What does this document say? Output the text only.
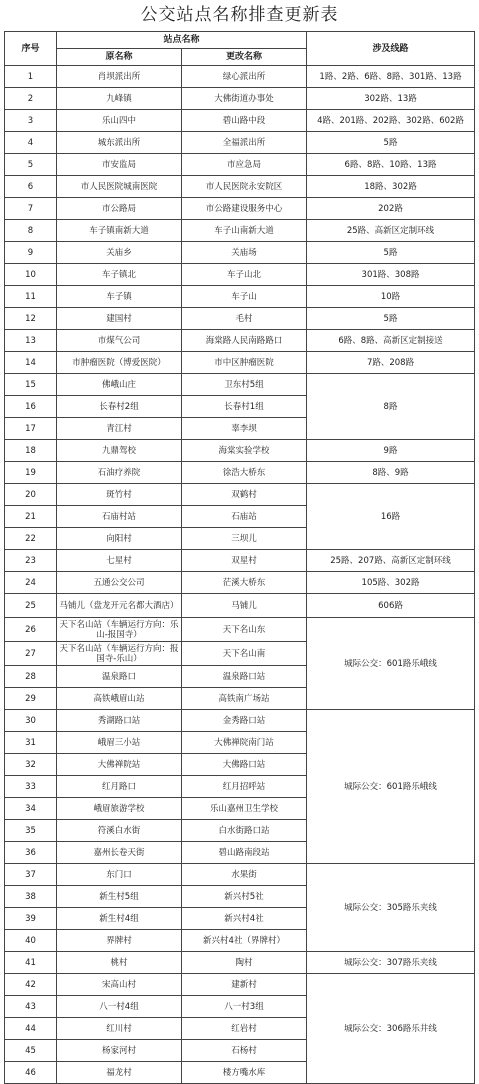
公交站点名称排查更新表
序号	站点名称		涉及线路
	原名称	更改名称	
1	肖坝派出所	绿心派出所	1路、2路、6路、8路、301路、13路
2	九峰镇	大佛街道办事处	302路、13路
3	乐山四中	碧山路中段	4路、201路、202路、302路、602路
4	城东派出所	全福派出所	5路
5	市安监局	市应急局	6路、8路、10路、13路
6	市人民医院城南医院	市人民医院永安院区	18路、302路
7	市公路局	市公路建设服务中心	202路
8	车子镇南新大道	车子山南新大道	25路、高新区定制环线
9	关庙乡	关庙场	5路
10	车子镇北	车子山北	301路、308路
11	车子镇	车子山	10路
12	建国村	毛村	5路
13	市煤气公司	海棠路人民南路路口	6路、8路、高新区定制接送
14	市肿瘤医院（博爱医院）	市中区肿瘤医院	7路、208路
15	佛峨山庄	卫东村5组	8路
16	长春村2组	长春村1组	
17	青江村	辜李坝	
18	九鼎驾校	海棠实验学校	9路
19	石油疗养院	徐浩大桥东	8路、9路
20	斑竹村	双鹤村	16路
21	石庙村站	石庙站	
22	向阳村	三坝儿	
23	七星村	双星村	25路、207路、高新区定制环线
24	五通公交公司	茫溪大桥东	105路、302路
25	马铺儿（盘龙开元名都大酒店）	马铺儿	606路
26	天下名山站（车辆运行方向：乐山-报国寺）	天下名山东	城际公交：601路乐峨线
27	天下名山站（车辆运行方向：报国寺-乐山）	天下名山南	
28	温泉路口	温泉路口站	
29	高铁峨眉山站	高铁南广场站	
30	秀湖路口站	金秀路口站	城际公交：601路乐峨线
31	峨眉三小站	大佛禅院南门站	
32	大佛禅院站	大佛路口站	
33	红月路口	红月招呼站	
34	峨眉旅游学校	乐山嘉州卫生学校	
35	符溪白水街	白水街路口站	
36	嘉州长卷天街	碧山路南段站	
37	东门口	水果街	城际公交：305路乐夹线
38	新生村5组	新兴村5社	
39	新生村4组	新兴村4社	
40	界牌村	新兴村4社（界牌村）	
41	桃村	陶村	城际公交：307路乐夹线
42	宋高山村	建新村	城际公交：306路乐井线
43	八一村4组	八一村3组	
44	红川村	红岩村	
45	杨家河村	石杨村	
46	福龙村	楼方嘴水库	
